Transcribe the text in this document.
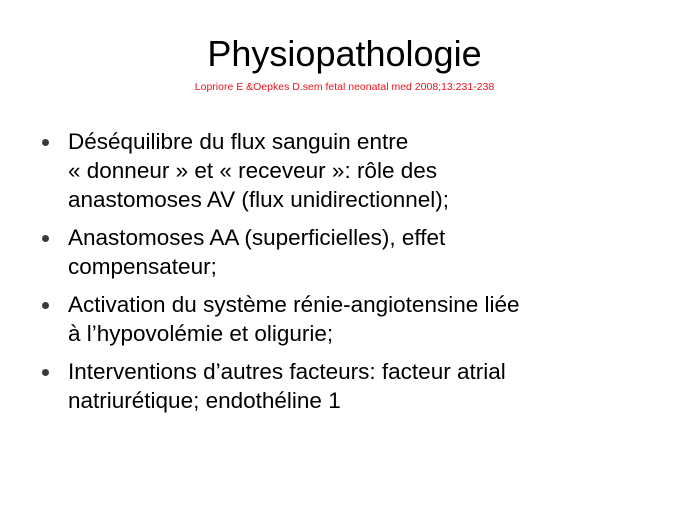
Physiopathologie
Lopriore E &Oepkes D.sem fetal neonatal med 2008;13:231-238
Déséquilibre du flux sanguin entre
« donneur » et « receveur »: rôle des
anastomoses AV (flux unidirectionnel);
Anastomoses AA (superficielles), effet
compensateur;
Activation du système rénie-angiotensine liée
à l’hypovolémie et oligurie;
Interventions d’autres facteurs: facteur atrial
natriurétique; endothéline 1
